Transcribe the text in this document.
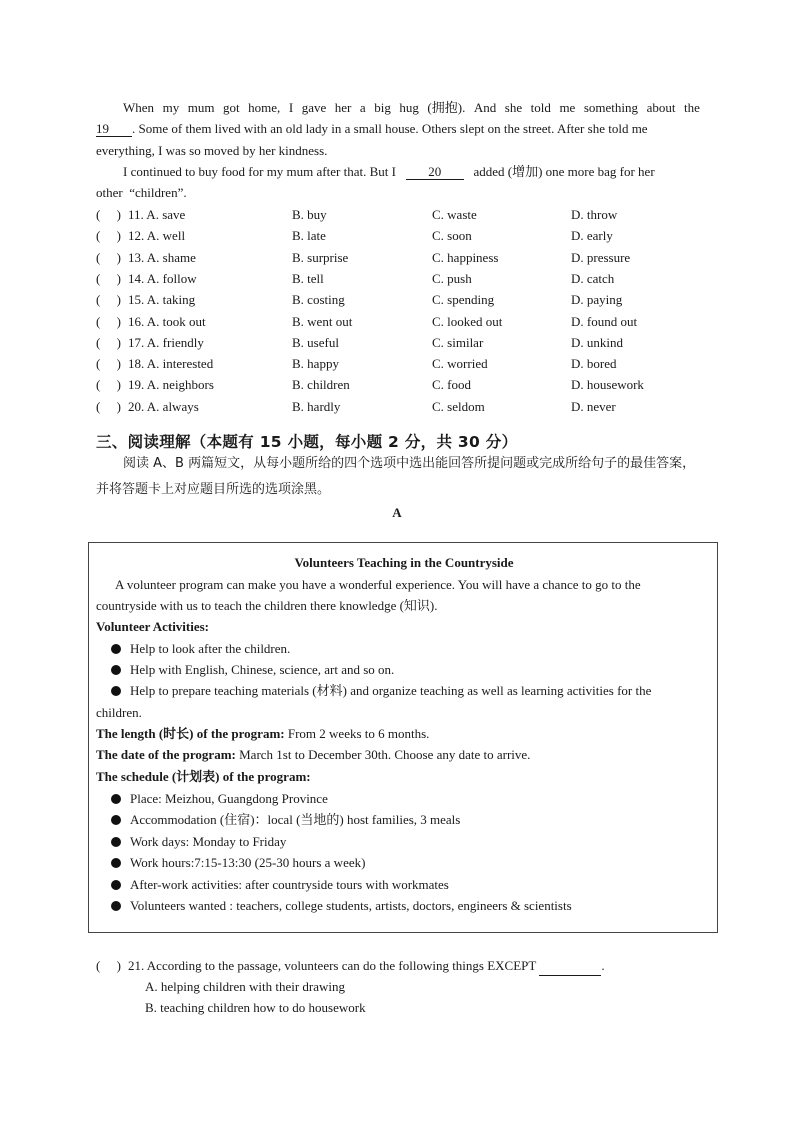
When my mum got home, I gave her a big hug (拥抱). And she told me something about the
19 . Some of them lived with an old lady in a small house. Others slept on the street. After she told me
everything, I was so moved by her kindness.
I continued to buy food for my mum after that. But I 20 added (增加) one more bag for her
other  “children”.
(     ) 11. A. save	B. buy	C. waste	D. throw
(     ) 12. A. well	B. late	C. soon	D. early
(     ) 13. A. shame	B. surprise	C. happiness	D. pressure
(     ) 14. A. follow	B. tell	C. push	D. catch
(     ) 15. A. taking	B. costing	C. spending	D. paying
(     ) 16. A. took out	B. went out	C. looked out	D. found out
(     ) 17. A. friendly	B. useful	C. similar	D. unkind
(     ) 18. A. interested	B. happy	C. worried	D. bored
(     ) 19. A. neighbors	B. children	C. food	D. housework
(     ) 20. A. always	B. hardly	C. seldom	D. never
三、阅读理解（本题有 15 小题，每小题 2 分，共 30 分）
阅读 A、B 两篇短文，从每小题所给的四个选项中选出能回答所提问题或完成所给句子的最佳答案，
并将答题卡上对应题目所选的选项涂黑。
A
Volunteers Teaching in the Countryside
A volunteer program can make you have a wonderful experience. You will have a chance to go to the
countryside with us to teach the children there knowledge (知识).
Volunteer Activities:
Help to look after the children.
Help with English, Chinese, science, art and so on.
Help to prepare teaching materials (材料) and organize teaching as well as learning activities for the
children.
The length (时长) of the program: From 2 weeks to 6 months.
The date of the program: March 1st to December 30th. Choose any date to arrive.
The schedule (计划表) of the program:
Place: Meizhou, Guangdong Province
Accommodation (住宿)：local (当地的) host families, 3 meals
Work days: Monday to Friday
Work hours:7:15-13:30 (25-30 hours a week)
After-work activities: after countryside tours with workmates
Volunteers wanted : teachers, college students, artists, doctors, engineers & scientists
(     ) 21. According to the passage, volunteers can do the following things EXCEPT	.
A. helping children with their drawing
B. teaching children how to do housework
